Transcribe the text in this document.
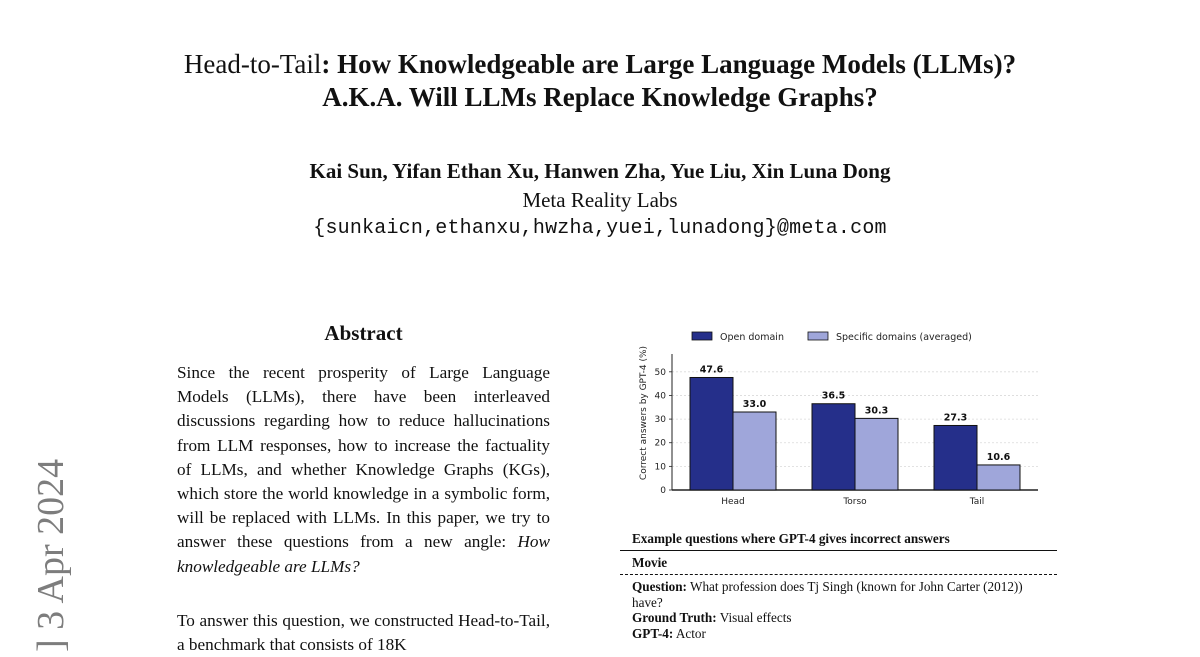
] 3 Apr 2024
Head-to-Tail: How Knowledgeable are Large Language Models (LLMs)?
A.K.A. Will LLMs Replace Knowledge Graphs?
Kai Sun, Yifan Ethan Xu, Hanwen Zha, Yue Liu, Xin Luna Dong
Meta Reality Labs
{sunkaicn,ethanxu,hwzha,yuei,lunadong}@meta.com
Abstract

Since the recent prosperity of Large Language Models (LLMs), there have been interleaved discussions regarding how to reduce hallucinations from LLM responses, how to increase the factuality of LLMs, and whether Knowledge Graphs (KGs), which store the world knowledge in a symbolic form, will be replaced with LLMs. In this paper, we try to answer these questions from a new angle: How knowledgeable are LLMs?

To answer this question, we constructed Head-to-Tail, a benchmark that consists of 18K

0
10
20
30
40
50
Correct answers by GPT-4 (%)	47.6
33.0
Head
36.5
30.3
Torso
27.3
10.6
Tail
Open domain	Specific domains (averaged)
Example questions where GPT-4 gives incorrect answers
Movie

Question: What profession does Tj Singh (known for John Carter (2012)) have?

Ground Truth: Visual effects

GPT-4: Actor
